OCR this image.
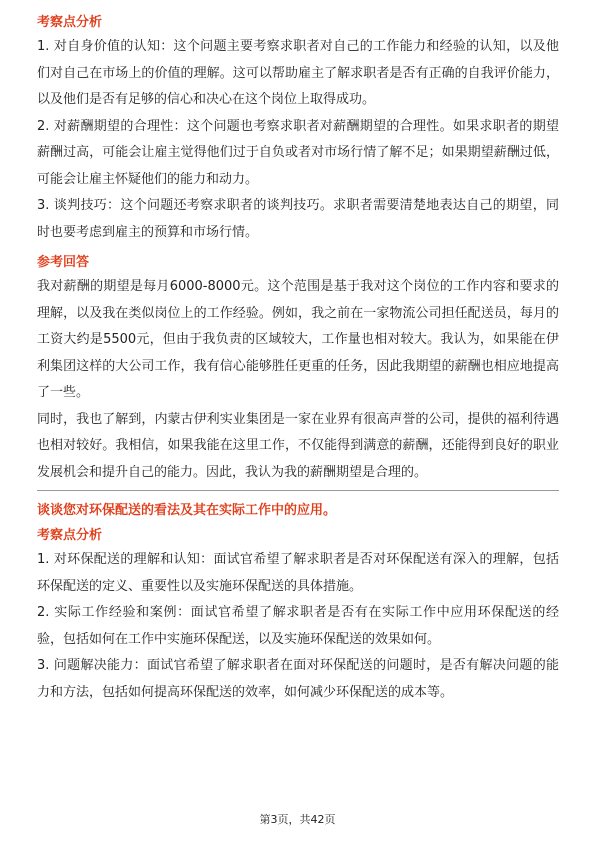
考察点分析
1. 对自身价值的认知：这个问题主要考察求职者对自己的工作能力和经验的认知，以及他们对自己在市场上的价值的理解。这可以帮助雇主了解求职者是否有正确的自我评价能力，以及他们是否有足够的信心和决心在这个岗位上取得成功。
2. 对薪酬期望的合理性：这个问题也考察求职者对薪酬期望的合理性。如果求职者的期望薪酬过高，可能会让雇主觉得他们过于自负或者对市场行情了解不足；如果期望薪酬过低，可能会让雇主怀疑他们的能力和动力。
3. 谈判技巧：这个问题还考察求职者的谈判技巧。求职者需要清楚地表达自己的期望，同时也要考虑到雇主的预算和市场行情。
参考回答
我对薪酬的期望是每月6000-8000元。这个范围是基于我对这个岗位的工作内容和要求的理解，以及我在类似岗位上的工作经验。例如，我之前在一家物流公司担任配送员，每月的工资大约是5500元，但由于我负责的区域较大，工作量也相对较大。我认为，如果能在伊利集团这样的大公司工作，我有信心能够胜任更重的任务，因此我期望的薪酬也相应地提高了一些。
同时，我也了解到，内蒙古伊利实业集团是一家在业界有很高声誉的公司，提供的福利待遇也相对较好。我相信，如果我能在这里工作，不仅能得到满意的薪酬，还能得到良好的职业发展机会和提升自己的能力。因此，我认为我的薪酬期望是合理的。
谈谈您对环保配送的看法及其在实际工作中的应用。
考察点分析
1. 对环保配送的理解和认知：面试官希望了解求职者是否对环保配送有深入的理解，包括环保配送的定义、重要性以及实施环保配送的具体措施。
2. 实际工作经验和案例：面试官希望了解求职者是否有在实际工作中应用环保配送的经验，包括如何在工作中实施环保配送，以及实施环保配送的效果如何。
3. 问题解决能力：面试官希望了解求职者在面对环保配送的问题时，是否有解决问题的能力和方法，包括如何提高环保配送的效率，如何减少环保配送的成本等。
第3页，共42页
